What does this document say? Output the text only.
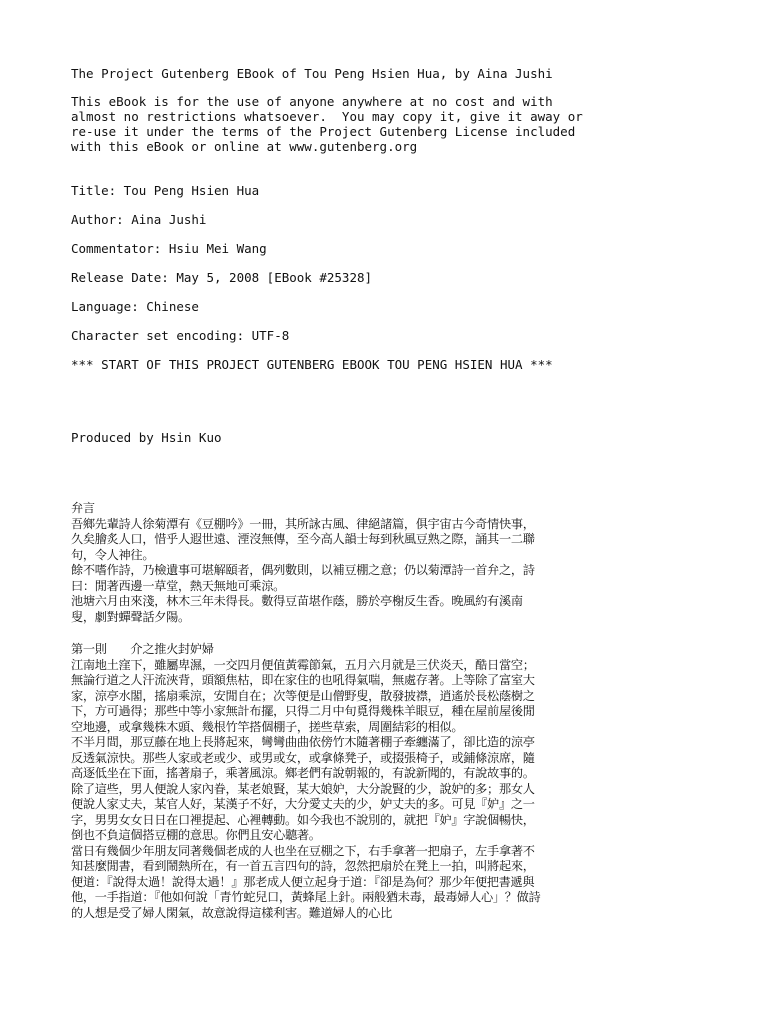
The Project Gutenberg EBook of Tou Peng Hsien Hua, by Aina Jushi

This eBook is for the use of anyone anywhere at no cost and with

almost no restrictions whatsoever.  You may copy it, give it away or

re-use it under the terms of the Project Gutenberg License included

with this eBook or online at www.gutenberg.org

Title: Tou Peng Hsien Hua

Author: Aina Jushi

Commentator: Hsiu Mei Wang

Release Date: May 5, 2008 [EBook #25328]

Language: Chinese

Character set encoding: UTF-8

*** START OF THIS PROJECT GUTENBERG EBOOK TOU PENG HSIEN HUA ***

Produced by Hsin Kuo

弁言

吾鄉先輩詩人徐菊潭有《豆棚吟》一冊，其所詠古風、律絕諸篇，俱宇宙古今奇情快事，久矣膾炙人口，惜乎人遐世遠、湮沒無傳，至今高人韻士每到秋風豆熟之際，誦其一二聯句，令人神往。

餘不嗜作詩，乃檢遺事可堪解頤者，偶列數則，以補豆棚之意；仍以菊潭詩一首弁之，詩曰：閒著西邊一草堂，熱天無地可乘涼。

池塘六月由來淺，林木三年未得長。數得豆苗堪作蔭，勝於亭榭反生香。晚風約有溪南叟，劇對蟬聲話夕陽。

第一則　　介之推火封妒婦

江南地土窪下，雖屬卑濕，一交四月便值黃霉節氣，五月六月就是三伏炎天，酷日當空；無論行道之人汗流浹背，頭額焦枯，即在家住的也吼得氣喘，無處存著。上等除了富室大家，涼亭水閣，搖扇乘涼，安閒自在；次等便是山僧野叟，散發披襟，逍遙於長松蔭樹之下，方可過得；那些中等小家無計布擺，只得二月中旬覓得幾株羊眼豆，種在屋前屋後閒空地邊，或拿幾株木頭、幾根竹竿搭個棚子，搓些草索，周圍結彩的相似。

不半月間，那豆藤在地上長將起來，彎彎曲曲依傍竹木隨著棚子牽纏滿了，卻比造的涼亭反透氣涼快。那些人家或老或少、或男或女，或拿條凳子，或掇張椅子，或鋪條涼席，隨高逐低坐在下面，搖著扇子，乘著風涼。鄉老們有說朝報的，有說新聞的，有說故事的。除了這些，男人便說人家內眷，某老娘賢，某大娘妒，大分說賢的少，說妒的多；那女人便說人家丈夫，某官人好，某漢子不好，大分愛丈夫的少，妒丈夫的多。可見『妒』之一字，男男女女日日在口裡提起、心裡轉動。如今我也不說別的，就把『妒』字說個暢快，倒也不負這個搭豆棚的意思。你們且安心聽著。

當日有幾個少年朋友同著幾個老成的人也坐在豆棚之下，右手拿著一把扇子，左手拿著不知甚麼閒書，看到鬧熱所在，有一首五言四句的詩，忽然把扇於在凳上一拍，叫將起來，便道：『說得太過！說得太過！』那老成人便立起身于道：『卻是為何？那少年便把書遞與他，一手指道：『他如何說「青竹蛇兒口，黃蜂尾上針。兩般猶未毒，最毒婦人心」？做詩的人想是受了婦人閑氣，故意說得這樣利害。難道婦人的心比
